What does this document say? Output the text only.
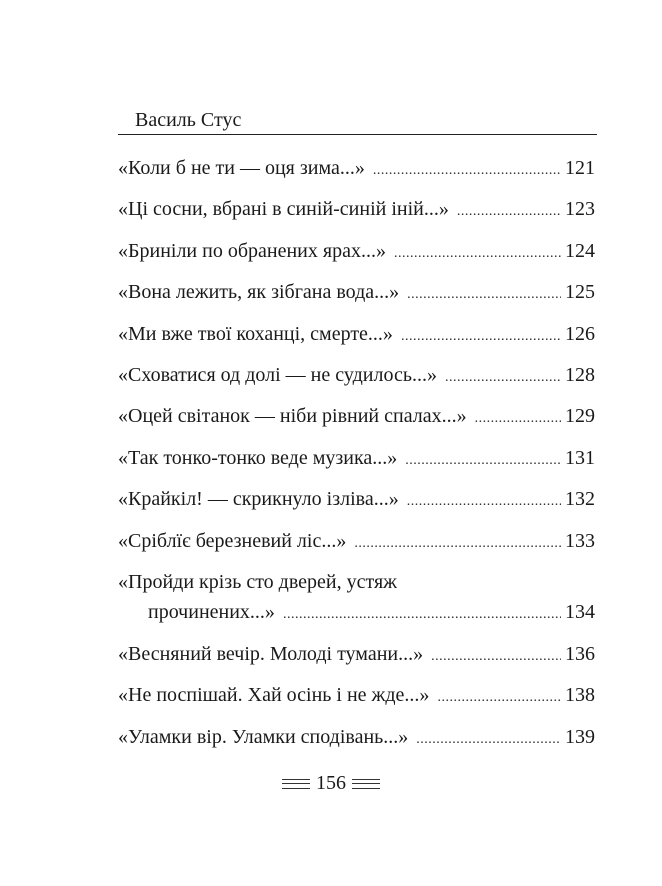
Василь Стус
«Коли б не ти — оця зима...» .....	121
«Ці сосни, вбрані в синій-синій іній...» .....	123
«Бриніли по обранених ярах...» .....	124
«Вона лежить, як зібгана вода...» .....	125
«Ми вже твої коханці, смерте...» .....	126
«Сховатися од долі — не судилось...» .....	128
«Оцей світанок — ніби рівний спалах...» .....	129
«Так тонко-тонко веде музика...» .....	131
«Крайкіл! — скрикнуло ізліва...» .....	132
«Сріблїє березневий ліс...» .....	133
«Пройди крізь сто дверей, устяж
прочинених...» .....	134
«Весняний вечір. Молоді тумани...» .....	136
«Не поспішай. Хай осінь і не жде...» .....	138
«Уламки вір. Уламки сподівань...» .....	139
156
